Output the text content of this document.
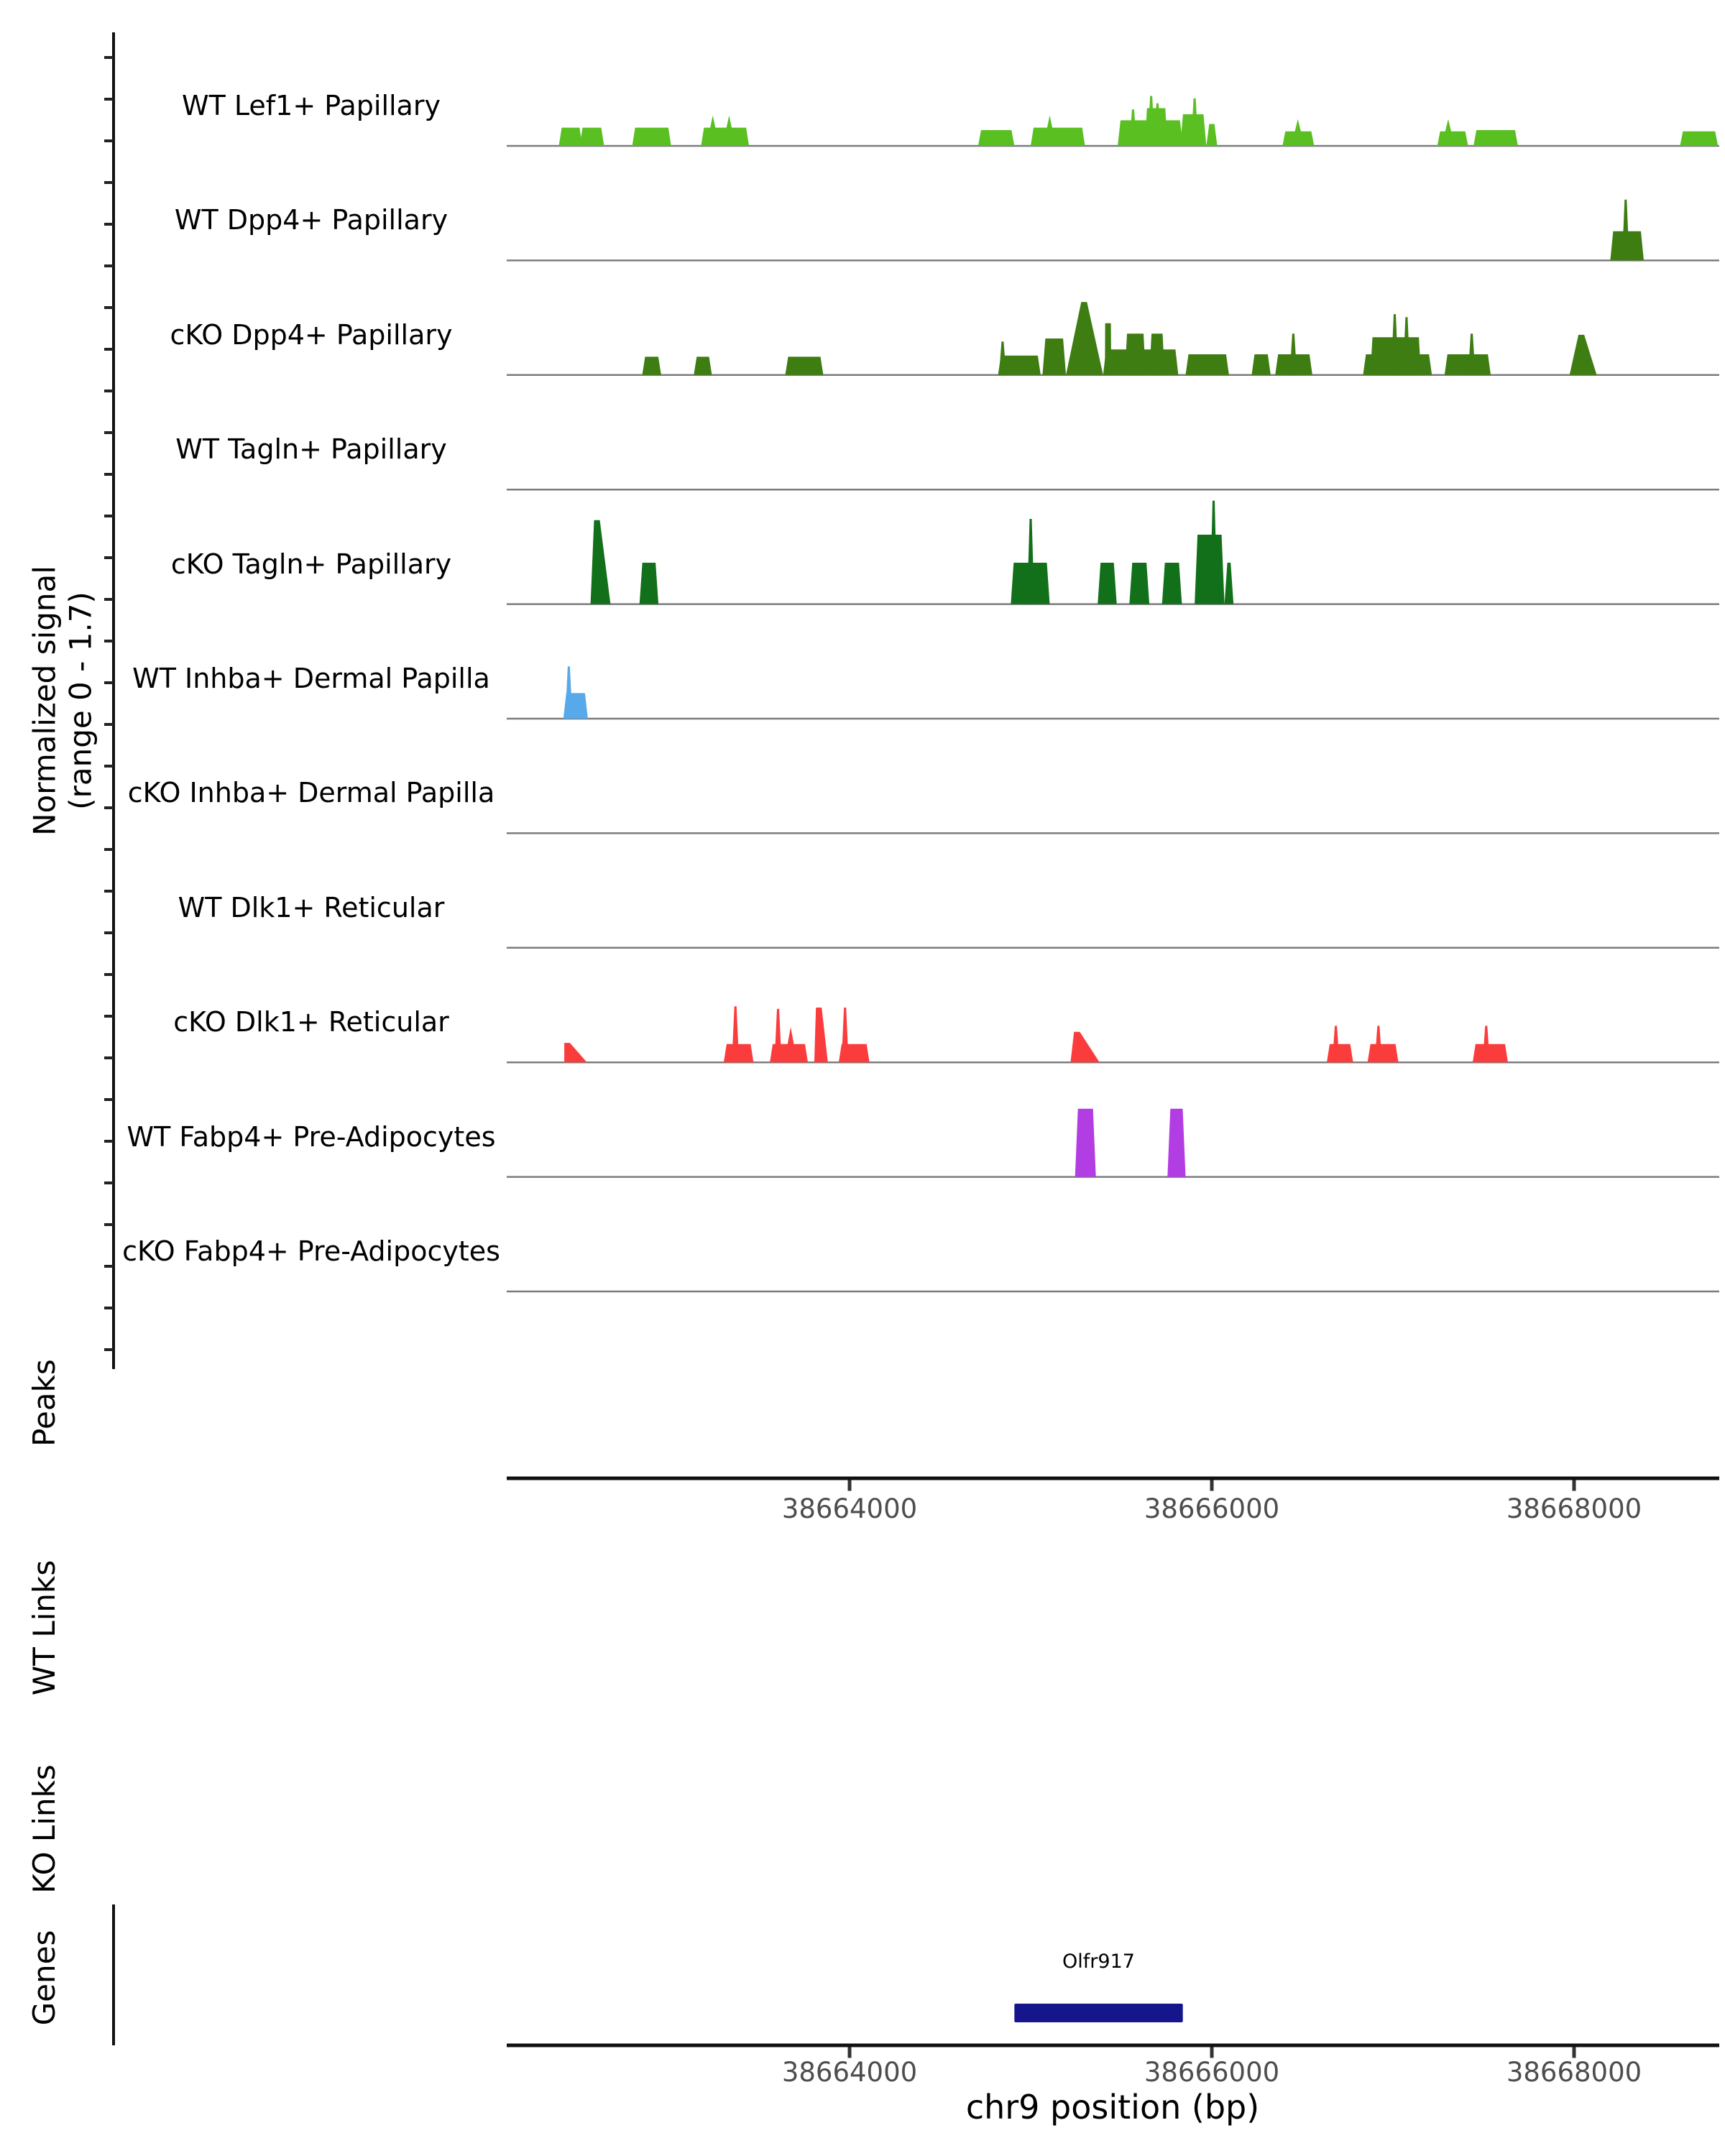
Normalized signal (range 0 - 1.7)
Peaks
WT Links
KO Links
Genes
WT Lef1+ Papillary
WT Dpp4+ Papillary
cKO Dpp4+ Papillary
WT Tagln+ Papillary
cKO Tagln+ Papillary
WT Inhba+ Dermal Papilla
cKO Inhba+ Dermal Papilla
WT Dlk1+ Reticular
cKO Dlk1+ Reticular
WT Fabp4+ Pre-Adipocytes
cKO Fabp4+ Pre-Adipocytes
38664000	38666000	38668000
38664000	38666000	38668000
Olfr917
chr9 position (bp)
